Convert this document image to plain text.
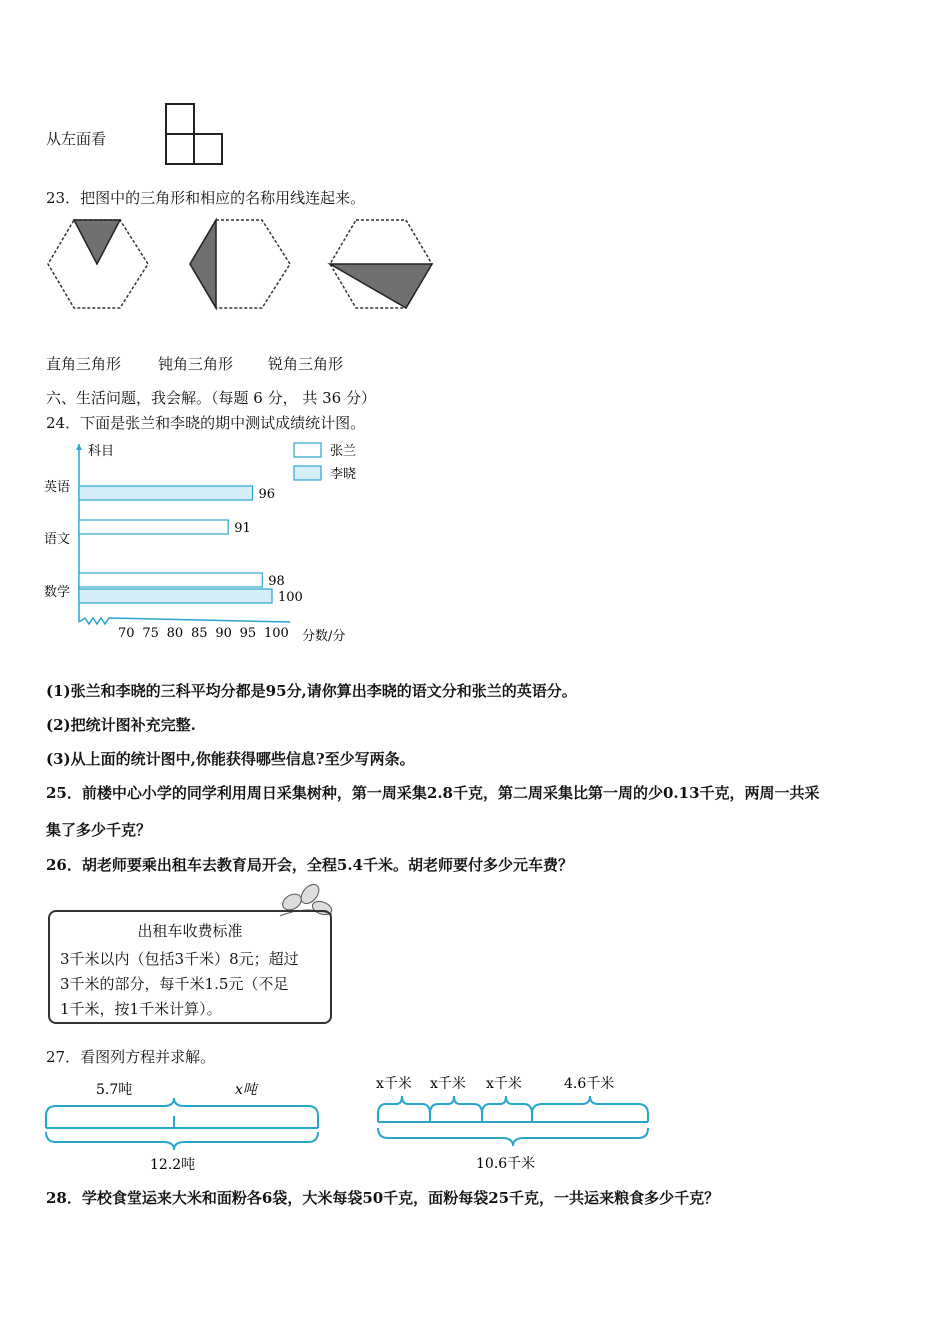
从左面看
23．把图中的三角形和相应的名称用线连起来。
直角三角形 钝角三角形 锐角三角形
六、生活问题，我会解。（每题 6 分， 共 36 分）
24．下面是张兰和李晓的期中测试成绩统计图。
科目	张兰
李晓
英语
语文
数学
96
91
98
100
70 75 80 85 90 95 100 分数/分
(1)张兰和李晓的三科平均分都是95分,请你算出李晓的语文分和张兰的英语分。
(2)把统计图补充完整.
(3)从上面的统计图中,你能获得哪些信息?至少写两条。
25．前楼中心小学的同学利用周日采集树种，第一周采集2.8千克，第二周采集比第一周的少0.13千克，两周一共采
集了多少千克？
26．胡老师要乘出租车去教育局开会，全程5.4千米。胡老师要付多少元车费？
出租车收费标准
3千米以内（包括3千米）8元；超过
3千米的部分，每千米1.5元（不足
1千米，按1千米计算）。
27．看图列方程并求解。
5.7吨	x吨
12.2吨
x千米 x千米 x千米	4.6千米
10.6千米
28．学校食堂运来大米和面粉各6袋，大米每袋50千克，面粉每袋25千克，一共运来粮食多少千克？
